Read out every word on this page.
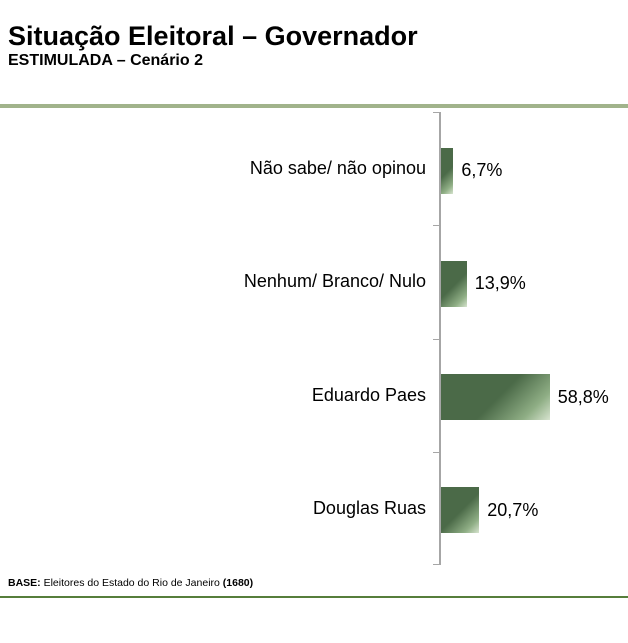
Situação Eleitoral – Governador
ESTIMULADA – Cenário 2
Não sabe/ não opinou 6,7%
Nenhum/ Branco/ Nulo	13,9%
Eduardo Paes	58,8%
Douglas Ruas	20,7%
BASE: Eleitores do Estado do Rio de Janeiro (1680)
